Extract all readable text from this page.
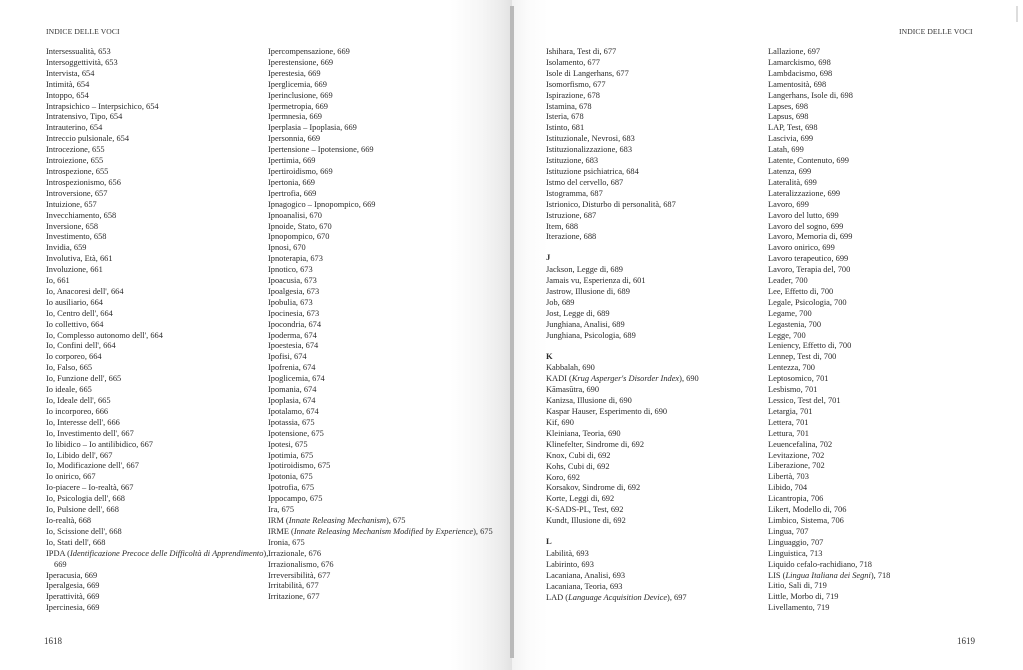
INDICE DELLE VOCI
Intersessualità, 653
Intersoggettività, 653
Intervista, 654
Intimità, 654
Intoppo, 654
Intrapsichico – Interpsichico, 654
Intratensivo, Tipo, 654
Intrauterino, 654
Intreccio pulsionale, 654
Introcezione, 655
Introiezione, 655
Introspezione, 655
Introspezionismo, 656
Introversione, 657
Intuizione, 657
Invecchiamento, 658
Inversione, 658
Investimento, 658
Invidia, 659
Involutiva, Età, 661
Involuzione, 661
Io, 661
Io, Anacoresi dell', 664
Io ausiliario, 664
Io, Centro dell', 664
Io collettivo, 664
Io, Complesso autonomo dell', 664
Io, Confini dell', 664
Io corporeo, 664
Io, Falso, 665
Io, Funzione dell', 665
Io ideale, 665
Io, Ideale dell', 665
Io incorporeo, 666
Io, Interesse dell', 666
Io, Investimento dell', 667
Io libidico – Io antilibidico, 667
Io, Libido dell', 667
Io, Modificazione dell', 667
Io onirico, 667
Io-piacere – Io-realtà, 667
Io, Psicologia dell', 668
Io, Pulsione dell', 668
Io-realtà, 668
Io, Scissione dell', 668
Io, Stati dell', 668
IPDA (Identificazione Precoce delle Difficoltà di Apprendimento), 669
Iperacusia, 669
Iperalgesia, 669
Iperattività, 669
Ipercinesia, 669
Ipercompensazione, 669
Iperestensione, 669
Iperestesia, 669
Iperglicemia, 669
Iperinclusione, 669
Ipermetropia, 669
Ipermnesia, 669
Iperplasia – Ipoplasia, 669
Ipersonnia, 669
Ipertensione – Ipotensione, 669
Ipertimia, 669
Ipertiroidismo, 669
Ipertonia, 669
Ipertrofia, 669
Ipnagogico – Ipnopompico, 669
Ipnoanalisi, 670
Ipnoide, Stato, 670
Ipnopompico, 670
Ipnosi, 670
Ipnoterapia, 673
Ipnotico, 673
Ipoacusia, 673
Ipoalgesia, 673
Ipobulia, 673
Ipocinesia, 673
Ipocondria, 674
Ipoderma, 674
Ipoestesia, 674
Ipofisi, 674
Ipofrenia, 674
Ipoglicemia, 674
Ipomania, 674
Ipoplasia, 674
Ipotalamo, 674
Ipotassia, 675
Ipotensione, 675
Ipotesi, 675
Ipotimia, 675
Ipotiroidismo, 675
Ipotonia, 675
Ipotrofia, 675
Ippocampo, 675
Ira, 675
IRM (Innate Releasing Mechanism), 675
IRME (Innate Releasing Mechanism Modified by Experience), 675
Ironia, 675
Irrazionale, 676
Irrazionalismo, 676
Irreversibilità, 677
Irritabilità, 677
Irritazione, 677
1618
INDICE DELLE VOCI
Ishihara, Test di, 677
Isolamento, 677
Isole di Langerhans, 677
Isomorfismo, 677
Ispirazione, 678
Istamina, 678
Isteria, 678
Istinto, 681
Istituzionale, Nevrosi, 683
Istituzionalizzazione, 683
Istituzione, 683
Istituzione psichiatrica, 684
Istmo del cervello, 687
Istogramma, 687
Istrionico, Disturbo di personalità, 687
Istruzione, 687
Item, 688
Iterazione, 688
J
Jackson, Legge di, 689
Jamais vu, Esperienza di, 601
Jastrow, Illusione di, 689
Job, 689
Jost, Legge di, 689
Junghiana, Analisi, 689
Junghiana, Psicologia, 689
K
Kabbalah, 690
KADI (Krug Asperger's Disorder Index), 690
Kāmasūtra, 690
Kanizsa, Illusione di, 690
Kaspar Hauser, Esperimento di, 690
Kif, 690
Kleiniana, Teoria, 690
Klinefelter, Sindrome di, 692
Knox, Cubi di, 692
Kohs, Cubi di, 692
Koro, 692
Korsakov, Sindrome di, 692
Korte, Leggi di, 692
K-SADS-PL, Test, 692
Kundt, Illusione di, 692
L
Labilità, 693
Labirinto, 693
Lacaniana, Analisi, 693
Lacaniana, Teoria, 693
LAD (Language Acquisition Device), 697
Lallazione, 697
Lamarckismo, 698
Lambdacismo, 698
Lamentosità, 698
Langerhans, Isole di, 698
Lapses, 698
Lapsus, 698
LAP, Test, 698
Lascivia, 699
Latah, 699
Latente, Contenuto, 699
Latenza, 699
Lateralità, 699
Lateralizzazione, 699
Lavoro, 699
Lavoro del lutto, 699
Lavoro del sogno, 699
Lavoro, Memoria di, 699
Lavoro onirico, 699
Lavoro terapeutico, 699
Lavoro, Terapia del, 700
Leader, 700
Lee, Effetto di, 700
Legale, Psicologia, 700
Legame, 700
Legastenia, 700
Legge, 700
Leniency, Effetto di, 700
Lennep, Test di, 700
Lentezza, 700
Leptosomico, 701
Lesbismo, 701
Lessico, Test del, 701
Letargia, 701
Lettera, 701
Lettura, 701
Leuencefalina, 702
Levitazione, 702
Liberazione, 702
Libertà, 703
Libido, 704
Licantropia, 706
Likert, Modello di, 706
Limbico, Sistema, 706
Lingua, 707
Linguaggio, 707
Linguistica, 713
Liquido cefalo-rachidiano, 718
LIS (Lingua Italiana dei Segni), 718
Litio, Sali di, 719
Little, Morbo di, 719
Livellamento, 719
1619
